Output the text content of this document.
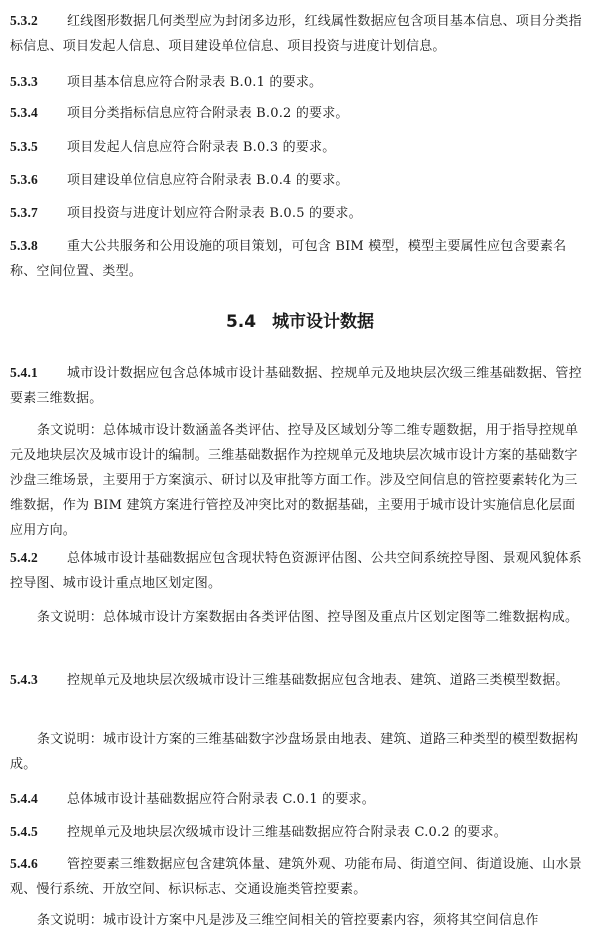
5.3.2 红线图形数据几何类型应为封闭多边形，红线属性数据应包含项目基本信息、项目分类指标信息、项目发起人信息、项目建设单位信息、项目投资与进度计划信息。
5.3.3 项目基本信息应符合附录表 B.0.1 的要求。
5.3.4 项目分类指标信息应符合附录表 B.0.2 的要求。
5.3.5 项目发起人信息应符合附录表 B.0.3 的要求。
5.3.6 项目建设单位信息应符合附录表 B.0.4 的要求。
5.3.7 项目投资与进度计划应符合附录表 B.0.5 的要求。
5.3.8 重大公共服务和公用设施的项目策划，可包含 BIM 模型，模型主要属性应包含要素名称、空间位置、类型。
5.4 城市设计数据
5.4.1 城市设计数据应包含总体城市设计基础数据、控规单元及地块层次级三维基础数据、管控要素三维数据。
条文说明：总体城市设计数涵盖各类评估、控导及区域划分等二维专题数据，用于指导控规单元及地块层次及城市设计的编制。三维基础数据作为控规单元及地块层次城市设计方案的基础数字沙盘三维场景，主要用于方案演示、研讨以及审批等方面工作。涉及空间信息的管控要素转化为三维数据，作为 BIM 建筑方案进行管控及冲突比对的数据基础，主要用于城市设计实施信息化层面应用方向。
5.4.2 总体城市设计基础数据应包含现状特色资源评估图、公共空间系统控导图、景观风貌体系控导图、城市设计重点地区划定图。
条文说明：总体城市设计方案数据由各类评估图、控导图及重点片区划定图等二维数据构成。
5.4.3 控规单元及地块层次级城市设计三维基础数据应包含地表、建筑、道路三类模型数据。
条文说明：城市设计方案的三维基础数字沙盘场景由地表、建筑、道路三种类型的模型数据构成。
5.4.4 总体城市设计基础数据应符合附录表 C.0.1 的要求。
5.4.5 控规单元及地块层次级城市设计三维基础数据应符合附录表 C.0.2 的要求。
5.4.6 管控要素三维数据应包含建筑体量、建筑外观、功能布局、街道空间、街道设施、山水景观、慢行系统、开放空间、标识标志、交通设施类管控要素。
条文说明：城市设计方案中凡是涉及三维空间相关的管控要素内容，须将其空间信息作
